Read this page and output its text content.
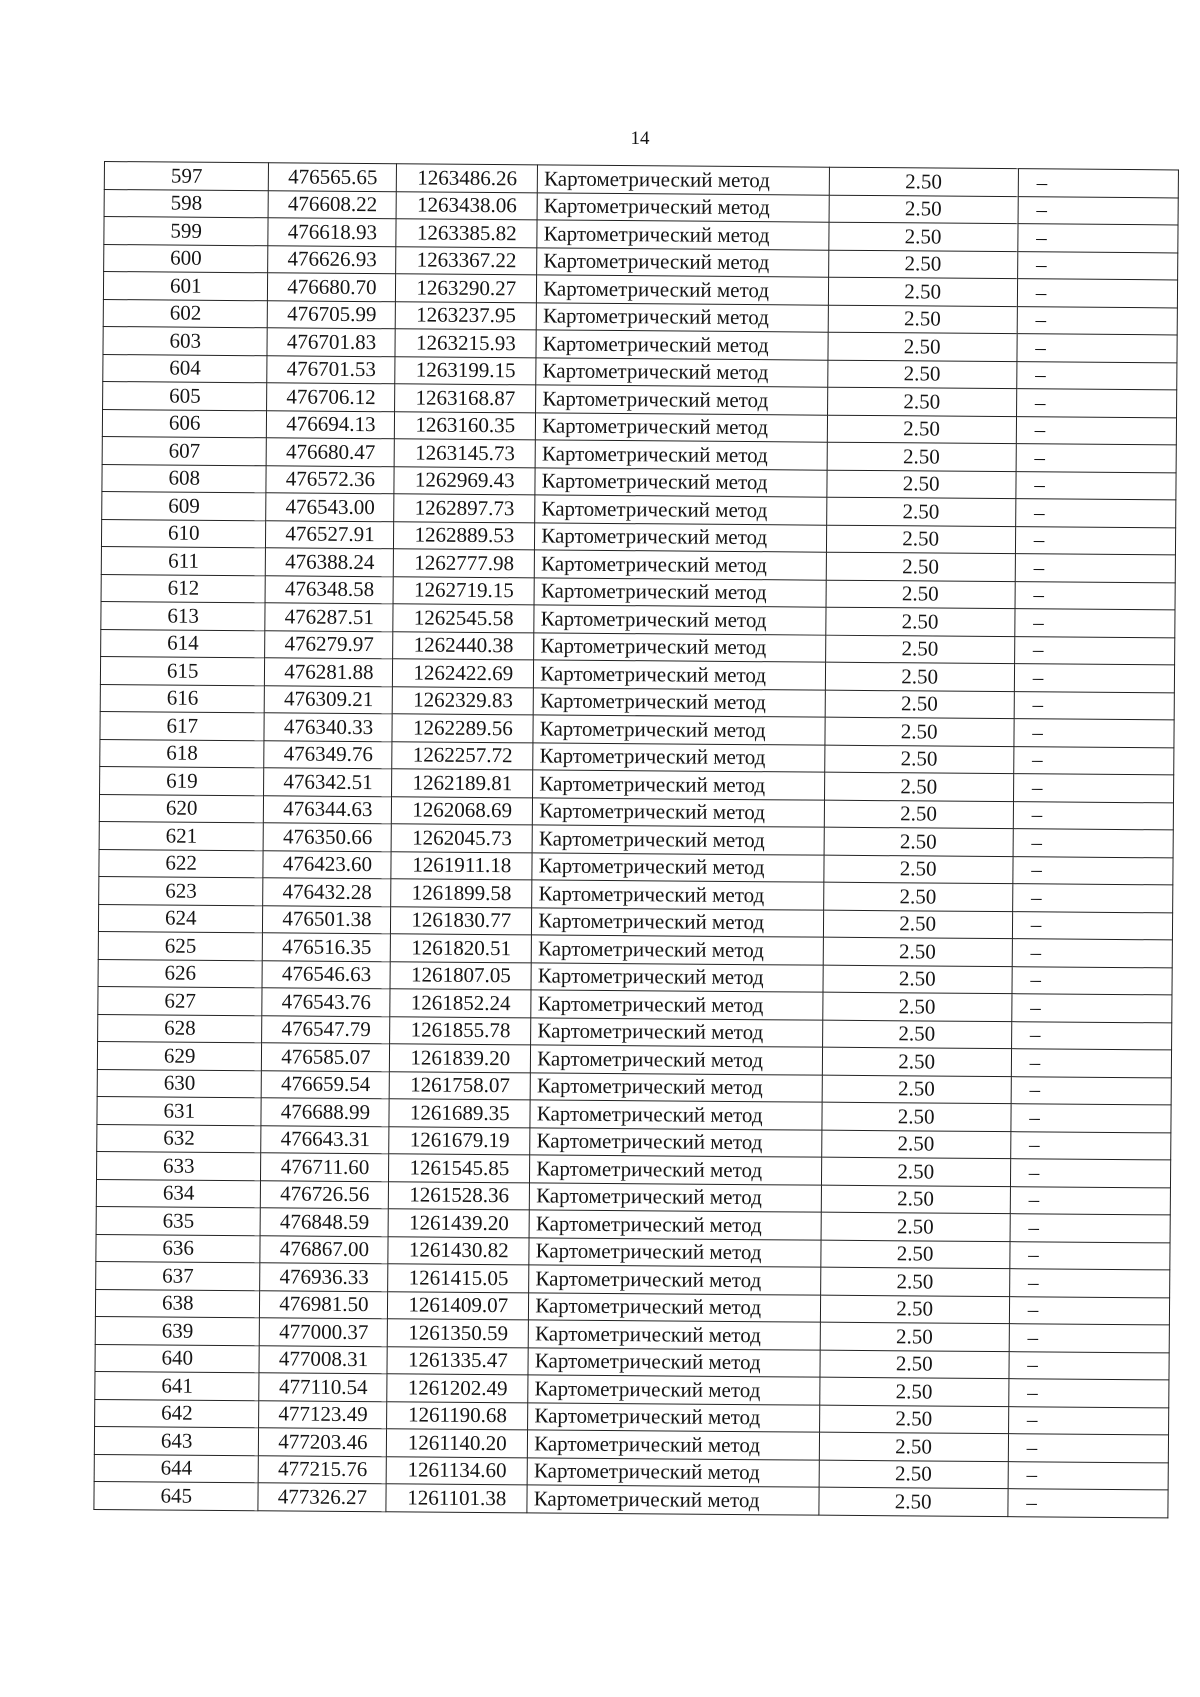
14
597	476565.65	1263486.26	Картометрический метод	2.50	–
598	476608.22	1263438.06	Картометрический метод	2.50	–
599	476618.93	1263385.82	Картометрический метод	2.50	–
600	476626.93	1263367.22	Картометрический метод	2.50	–
601	476680.70	1263290.27	Картометрический метод	2.50	–
602	476705.99	1263237.95	Картометрический метод	2.50	–
603	476701.83	1263215.93	Картометрический метод	2.50	–
604	476701.53	1263199.15	Картометрический метод	2.50	–
605	476706.12	1263168.87	Картометрический метод	2.50	–
606	476694.13	1263160.35	Картометрический метод	2.50	–
607	476680.47	1263145.73	Картометрический метод	2.50	–
608	476572.36	1262969.43	Картометрический метод	2.50	–
609	476543.00	1262897.73	Картометрический метод	2.50	–
610	476527.91	1262889.53	Картометрический метод	2.50	–
611	476388.24	1262777.98	Картометрический метод	2.50	–
612	476348.58	1262719.15	Картометрический метод	2.50	–
613	476287.51	1262545.58	Картометрический метод	2.50	–
614	476279.97	1262440.38	Картометрический метод	2.50	–
615	476281.88	1262422.69	Картометрический метод	2.50	–
616	476309.21	1262329.83	Картометрический метод	2.50	–
617	476340.33	1262289.56	Картометрический метод	2.50	–
618	476349.76	1262257.72	Картометрический метод	2.50	–
619	476342.51	1262189.81	Картометрический метод	2.50	–
620	476344.63	1262068.69	Картометрический метод	2.50	–
621	476350.66	1262045.73	Картометрический метод	2.50	–
622	476423.60	1261911.18	Картометрический метод	2.50	–
623	476432.28	1261899.58	Картометрический метод	2.50	–
624	476501.38	1261830.77	Картометрический метод	2.50	–
625	476516.35	1261820.51	Картометрический метод	2.50	–
626	476546.63	1261807.05	Картометрический метод	2.50	–
627	476543.76	1261852.24	Картометрический метод	2.50	–
628	476547.79	1261855.78	Картометрический метод	2.50	–
629	476585.07	1261839.20	Картометрический метод	2.50	–
630	476659.54	1261758.07	Картометрический метод	2.50	–
631	476688.99	1261689.35	Картометрический метод	2.50	–
632	476643.31	1261679.19	Картометрический метод	2.50	–
633	476711.60	1261545.85	Картометрический метод	2.50	–
634	476726.56	1261528.36	Картометрический метод	2.50	–
635	476848.59	1261439.20	Картометрический метод	2.50	–
636	476867.00	1261430.82	Картометрический метод	2.50	–
637	476936.33	1261415.05	Картометрический метод	2.50	–
638	476981.50	1261409.07	Картометрический метод	2.50	–
639	477000.37	1261350.59	Картометрический метод	2.50	–
640	477008.31	1261335.47	Картометрический метод	2.50	–
641	477110.54	1261202.49	Картометрический метод	2.50	–
642	477123.49	1261190.68	Картометрический метод	2.50	–
643	477203.46	1261140.20	Картометрический метод	2.50	–
644	477215.76	1261134.60	Картометрический метод	2.50	–
645	477326.27	1261101.38	Картометрический метод	2.50	–
